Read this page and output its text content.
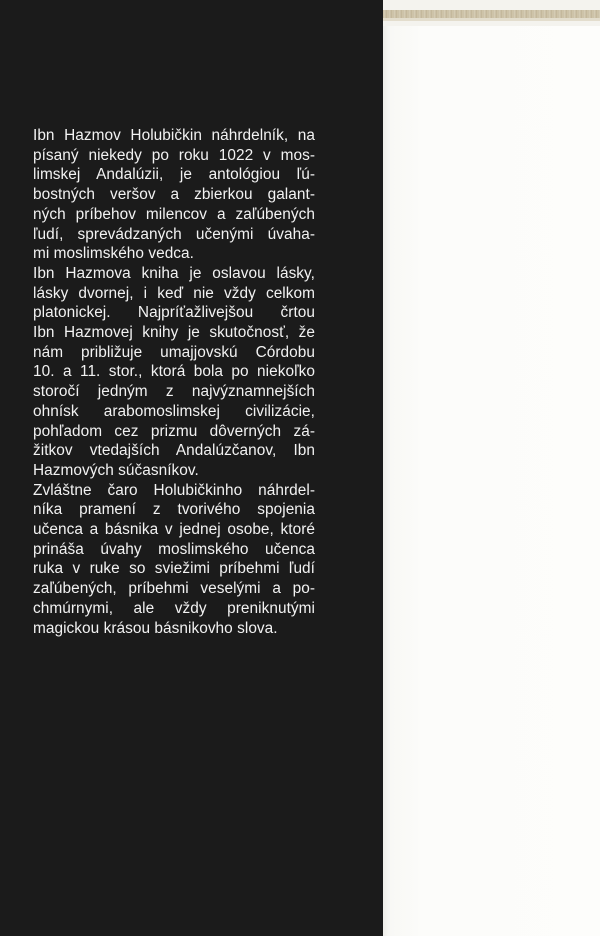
Ibn Hazmov Holubičkin náhrdelník, na
písaný niekedy po roku 1022 v mos-
limskej Andalúzii, je antológiou ľú-
bostných veršov a zbierkou galant-
ných príbehov milencov a zaľúbených
ľudí, sprevádzaných učenými úvaha-
mi moslimského vedca.
Ibn Hazmova kniha je oslavou lásky,
lásky dvornej, i keď nie vždy celkom
platonickej. Najpríťažlivejšou črtou
Ibn Hazmovej knihy je skutočnosť, že
nám približuje umajjovskú Córdobu
10. a 11. stor., ktorá bola po niekoľko
storočí jedným z najvýznamnejších
ohnísk arabomoslimskej civilizácie,
pohľadom cez prizmu dôverných zá-
žitkov vtedajších Andalúzčanov, Ibn
Hazmových súčasníkov.
Zvláštne čaro Holubičkinho náhrdel-
níka pramení z tvorivého spojenia
učenca a básnika v jednej osobe, ktoré
prináša úvahy moslimského učenca
ruka v ruke so sviežimi príbehmi ľudí
zaľúbených, príbehmi veselými a po-
chmúrnymi, ale vždy preniknutými
magickou krásou básnikovho slova.
